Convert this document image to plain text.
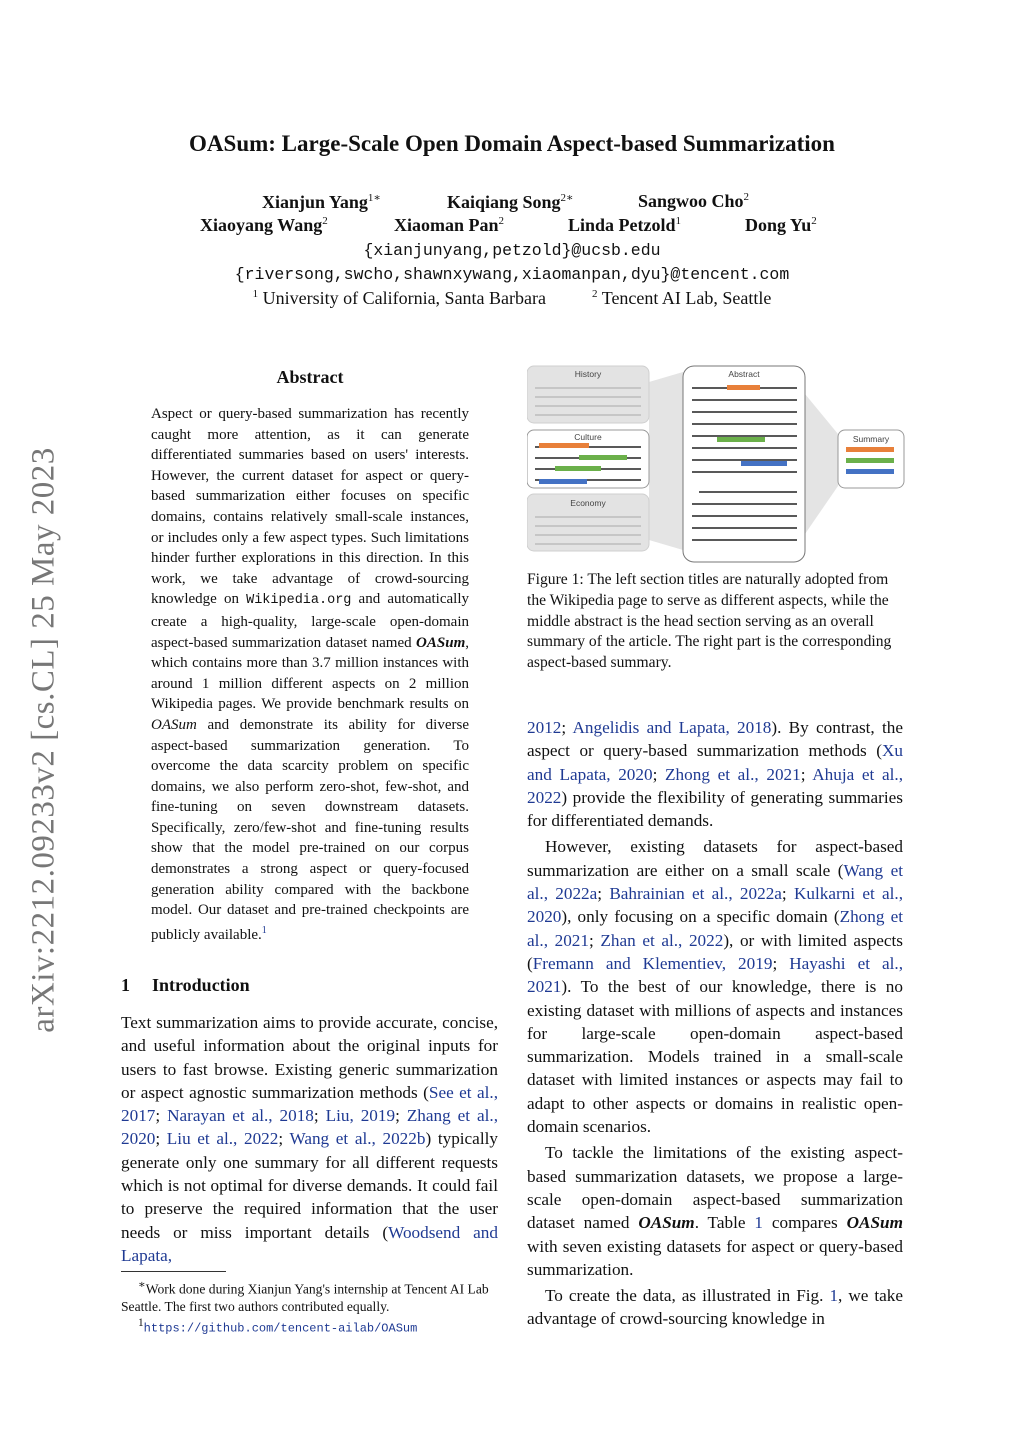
arXiv:2212.09233v2 [cs.CL] 25 May 2023
OASum: Large-Scale Open Domain Aspect-based Summarization
Xianjun Yang$^{1∗}$	Kaiqiang Song$^{2∗}$	Sangwoo Cho$^2$
Xiaoyang Wang$^2$	Xiaoman Pan$^2$	Linda Petzold$^1$	Dong Yu$^2$
{xianjunyang,petzold}@ucsb.edu
{riversong,swcho,shawnxywang,xiaomanpan,dyu}@tencent.com
$^1$ University of California, Santa Barbara	$^2$ Tencent AI Lab, Seattle
Abstract
Aspect or query-based summarization has recently caught more attention, as it can generate differentiated summaries based on users' interests. However, the current dataset for aspect or query-based summarization either focuses on specific domains, contains relatively small-scale instances, or includes only a few aspect types. Such limitations hinder further explorations in this direction. In this work, we take advantage of crowd-sourcing knowledge on Wikipedia.org and automatically create a high-quality, large-scale open-domain aspect-based summarization dataset named OASum, which contains more than 3.7 million instances with around 1 million different aspects on 2 million Wikipedia pages. We provide benchmark results on OASum and demonstrate its ability for diverse aspect-based summarization generation. To overcome the data scarcity problem on specific domains, we also perform zero-shot, few-shot, and fine-tuning on seven downstream datasets. Specifically, zero/few-shot and fine-tuning results show that the model pre-trained on our corpus demonstrates a strong aspect or query-focused generation ability compared with the backbone model. Our dataset and pre-trained checkpoints are publicly available.$^1$
1 Introduction

Text summarization aims to provide accurate, concise, and useful information about the original inputs for users to fast browse. Existing generic summarization or aspect agnostic summarization methods (See et al., 2017; Narayan et al., 2018; Liu, 2019; Zhang et al., 2020; Liu et al., 2022; Wang et al., 2022b) typically generate only one summary for all different requests which is not optimal for diverse demands. It could fail to preserve the required information that the user needs or miss important details (Woodsend and Lapata,

∗Work done during Xianjun Yang's internship at Tencent AI Lab Seattle. The first two authors contributed equally.

$^1$https://github.com/tencent-ailab/OASum

History
Culture
Economy
Abstract
Summary
Figure 1: The left section titles are naturally adopted from the Wikipedia page to serve as different aspects, while the middle abstract is the head section serving as an overall summary of the article. The right part is the corresponding aspect-based summary.

2012; Angelidis and Lapata, 2018). By contrast, the aspect or query-based summarization methods (Xu and Lapata, 2020; Zhong et al., 2021; Ahuja et al., 2022) provide the flexibility of generating summaries for differentiated demands.

However, existing datasets for aspect-based summarization are either on a small scale (Wang et al., 2022a; Bahrainian et al., 2022a; Kulkarni et al., 2020), only focusing on a specific domain (Zhong et al., 2021; Zhan et al., 2022), or with limited aspects (Fremann and Klementiev, 2019; Hayashi et al., 2021). To the best of our knowledge, there is no existing dataset with millions of aspects and instances for large-scale open-domain aspect-based summarization. Models trained in a small-scale dataset with limited instances or aspects may fail to adapt to other aspects or domains in realistic open-domain scenarios.

To tackle the limitations of the existing aspect-based summarization datasets, we propose a large-scale open-domain aspect-based summarization dataset named OASum. Table 1 compares OASum with seven existing datasets for aspect or query-based summarization.

To create the data, as illustrated in Fig. 1, we take advantage of crowd-sourcing knowledge in
